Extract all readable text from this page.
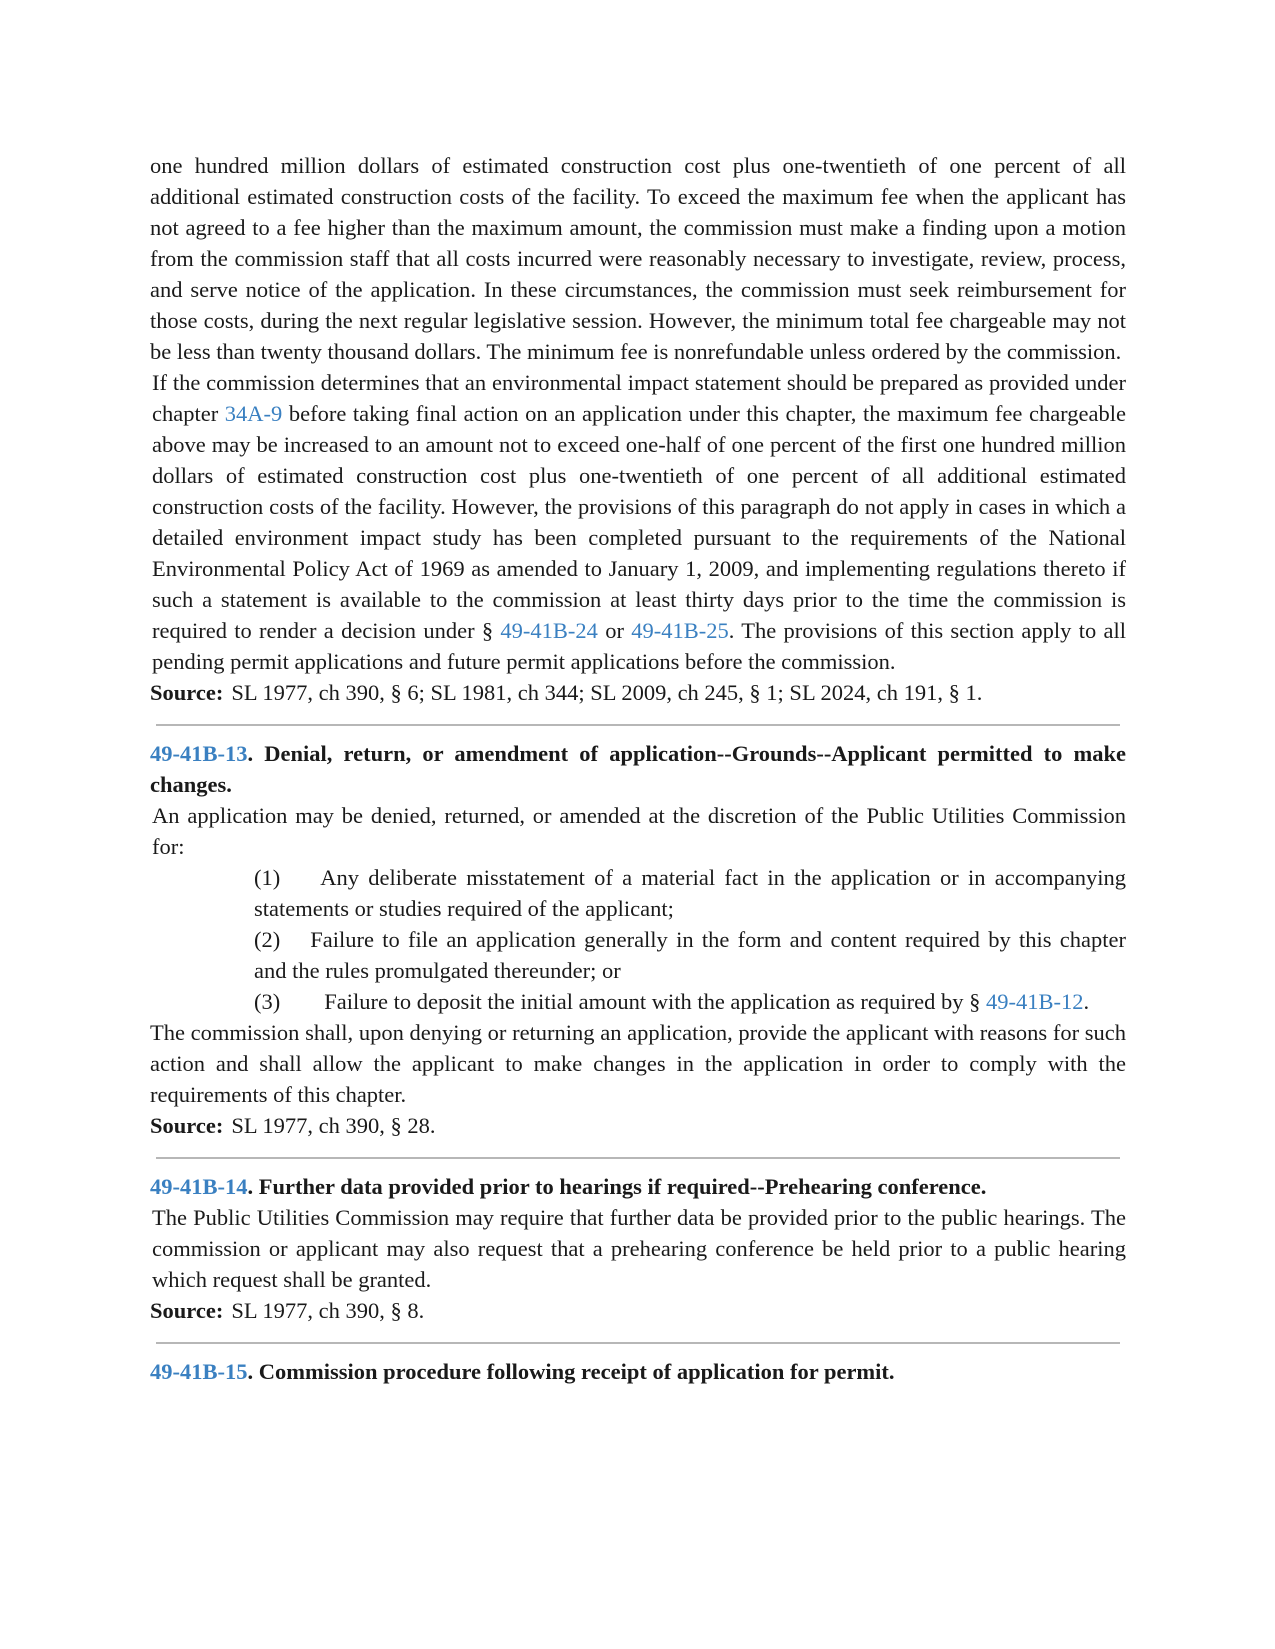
one hundred million dollars of estimated construction cost plus one-twentieth of one percent of all additional estimated construction costs of the facility. To exceed the maximum fee when the applicant has not agreed to a fee higher than the maximum amount, the commission must make a finding upon a motion from the commission staff that all costs incurred were reasonably necessary to investigate, review, process, and serve notice of the application. In these circumstances, the commission must seek reimbursement for those costs, during the next regular legislative session. However, the minimum total fee chargeable may not be less than twenty thousand dollars. The minimum fee is nonrefundable unless ordered by the commission.

If the commission determines that an environmental impact statement should be prepared as provided under chapter 34A-9 before taking final action on an application under this chapter, the maximum fee chargeable above may be increased to an amount not to exceed one-half of one percent of the first one hundred million dollars of estimated construction cost plus one-twentieth of one percent of all additional estimated construction costs of the facility. However, the provisions of this paragraph do not apply in cases in which a detailed environment impact study has been completed pursuant to the requirements of the National Environmental Policy Act of 1969 as amended to January 1, 2009, and implementing regulations thereto if such a statement is available to the commission at least thirty days prior to the time the commission is required to render a decision under § 49-41B-24 or 49-41B-25. The provisions of this section apply to all pending permit applications and future permit applications before the commission.

Source: SL 1977, ch 390, § 6; SL 1981, ch 344; SL 2009, ch 245, § 1; SL 2024, ch 191, § 1.

49-41B-13. Denial, return, or amendment of application--Grounds--Applicant permitted to make changes.

An application may be denied, returned, or amended at the discretion of the Public Utilities Commission for:

(1) Any deliberate misstatement of a material fact in the application or in accompanying statements or studies required of the applicant;

(2) Failure to file an application generally in the form and content required by this chapter and the rules promulgated thereunder; or

(3) Failure to deposit the initial amount with the application as required by § 49-41B-12.

The commission shall, upon denying or returning an application, provide the applicant with reasons for such action and shall allow the applicant to make changes in the application in order to comply with the requirements of this chapter.

Source: SL 1977, ch 390, § 28.

49-41B-14. Further data provided prior to hearings if required--Prehearing conference.

The Public Utilities Commission may require that further data be provided prior to the public hearings. The commission or applicant may also request that a prehearing conference be held prior to a public hearing which request shall be granted.

Source: SL 1977, ch 390, § 8.

49-41B-15. Commission procedure following receipt of application for permit.
